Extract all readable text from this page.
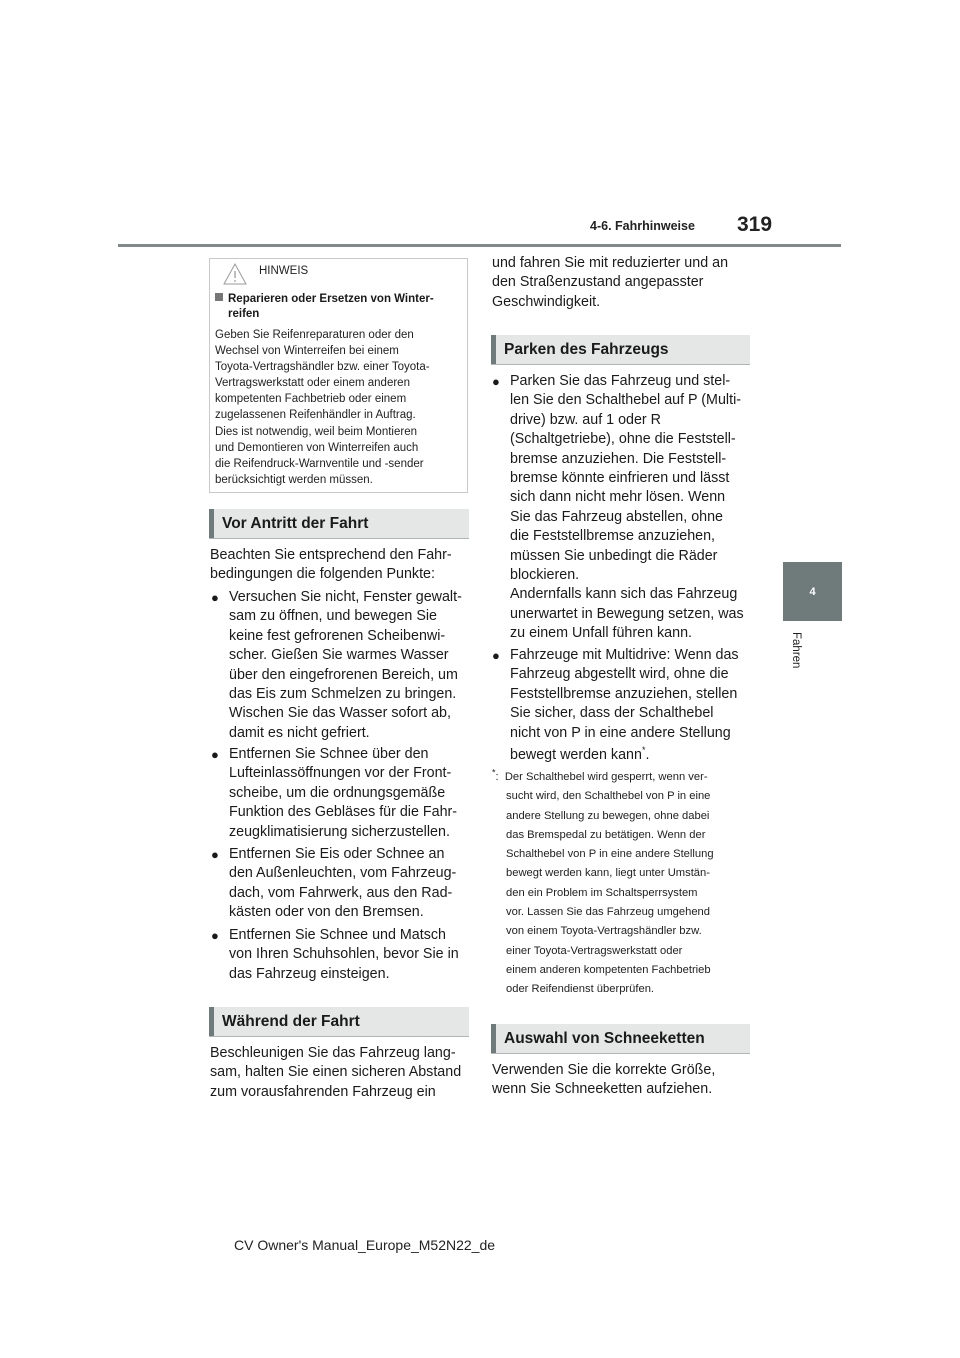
4-6. Fahrhinweise 319
4
Fahren
HINWEIS
Reparieren oder Ersetzen von Winter-
reifen
Geben Sie Reifenreparaturen oder den
Wechsel von Winterreifen bei einem
Toyota-Vertragshändler bzw. einer Toyota-
Vertragswerkstatt oder einem anderen
kompetenten Fachbetrieb oder einem
zugelassenen Reifenhändler in Auftrag.
Dies ist notwendig, weil beim Montieren
und Demontieren von Winterreifen auch
die Reifendruck-Warnventile und -sender
berücksichtigt werden müssen.
Vor Antritt der Fahrt
Beachten Sie entsprechend den Fahr-
bedingungen die folgenden Punkte:
● Versuchen Sie nicht, Fenster gewalt-
sam zu öffnen, und bewegen Sie
keine fest gefrorenen Scheibenwi-
scher. Gießen Sie warmes Wasser
über den eingefrorenen Bereich, um
das Eis zum Schmelzen zu bringen.
Wischen Sie das Wasser sofort ab,
damit es nicht gefriert.
● Entfernen Sie Schnee über den
Lufteinlassöffnungen vor der Front-
scheibe, um die ordnungsgemäße
Funktion des Gebläses für die Fahr-
zeugklimatisierung sicherzustellen.
● Entfernen Sie Eis oder Schnee an
den Außenleuchten, vom Fahrzeug-
dach, vom Fahrwerk, aus den Rad-
kästen oder von den Bremsen.
● Entfernen Sie Schnee und Matsch
von Ihren Schuhsohlen, bevor Sie in
das Fahrzeug einsteigen.
Während der Fahrt
Beschleunigen Sie das Fahrzeug lang-
sam, halten Sie einen sicheren Abstand
zum vorausfahrenden Fahrzeug ein
und fahren Sie mit reduzierter und an
den Straßenzustand angepasster
Geschwindigkeit.
Parken des Fahrzeugs
● Parken Sie das Fahrzeug und stel-
len Sie den Schalthebel auf P (Multi-
drive) bzw. auf 1 oder R
(Schaltgetriebe), ohne die Feststell-
bremse anzuziehen. Die Feststell-
bremse könnte einfrieren und lässt
sich dann nicht mehr lösen. Wenn
Sie das Fahrzeug abstellen, ohne
die Feststellbremse anzuziehen,
müssen Sie unbedingt die Räder
blockieren.
Andernfalls kann sich das Fahrzeug
unerwartet in Bewegung setzen, was
zu einem Unfall führen kann.
● Fahrzeuge mit Multidrive: Wenn das
Fahrzeug abgestellt wird, ohne die
Feststellbremse anzuziehen, stellen
Sie sicher, dass der Schalthebel
nicht von P in eine andere Stellung
bewegt werden kann*.
*:  Der Schalthebel wird gesperrt, wenn ver-
sucht wird, den Schalthebel von P in eine
andere Stellung zu bewegen, ohne dabei
das Bremspedal zu betätigen. Wenn der
Schalthebel von P in eine andere Stellung
bewegt werden kann, liegt unter Umstän-
den ein Problem im Schaltsperrsystem
vor. Lassen Sie das Fahrzeug umgehend
von einem Toyota-Vertragshändler bzw.
einer Toyota-Vertragswerkstatt oder
einem anderen kompetenten Fachbetrieb
oder Reifendienst überprüfen.
Auswahl von Schneeketten
Verwenden Sie die korrekte Größe,
wenn Sie Schneeketten aufziehen.
CV Owner's Manual_Europe_M52N22_de
